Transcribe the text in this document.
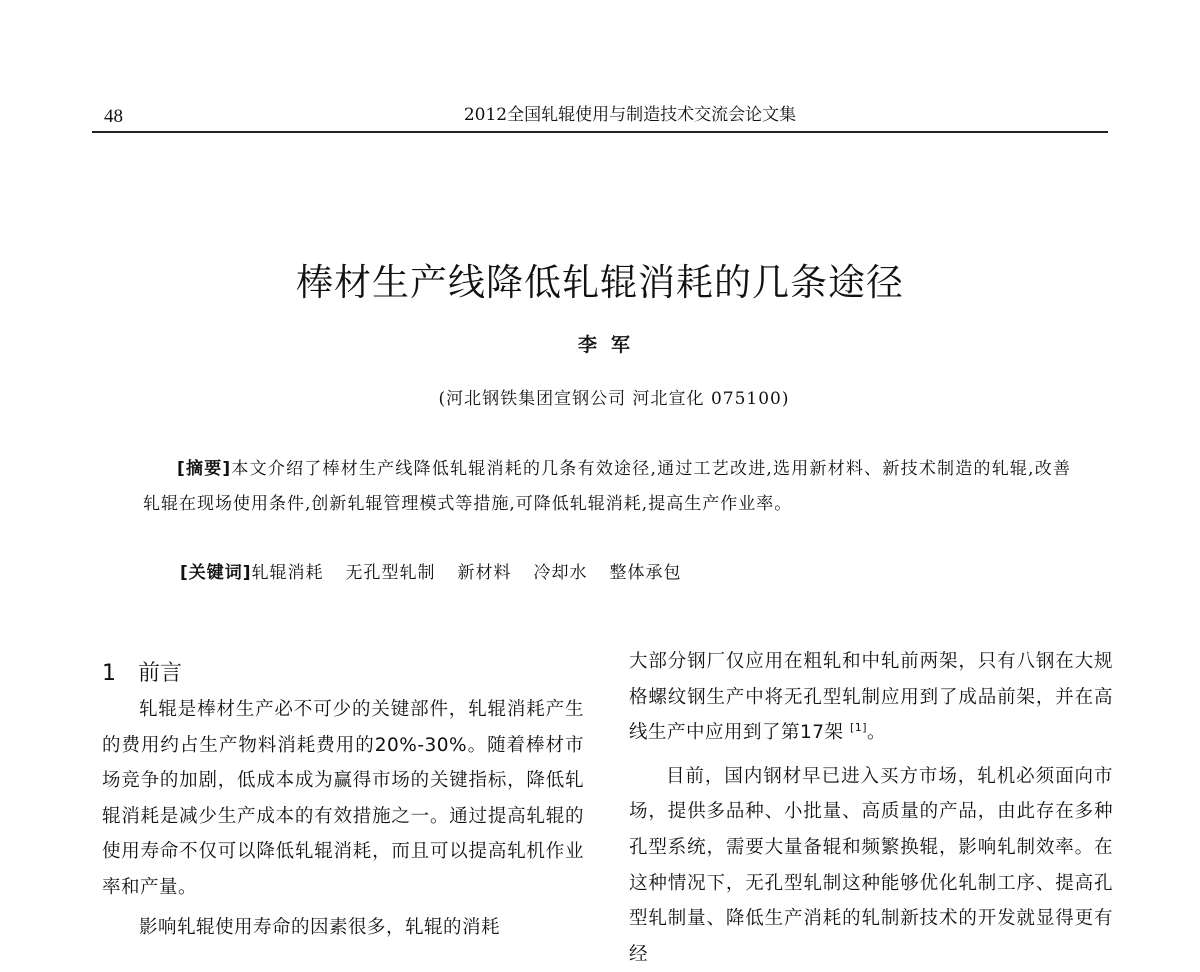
48	2012全国轧辊使用与制造技术交流会论文集
棒材生产线降低轧辊消耗的几条途径
李军
(河北钢铁集团宣钢公司 河北宣化 075100)
[摘要]本文介绍了棒材生产线降低轧辊消耗的几条有效途径,通过工艺改进,选用新材料、新技术制造的轧辊,改善轧辊在现场使用条件,创新轧辊管理模式等措施,可降低轧辊消耗,提高生产作业率。
[关键词]轧辊消耗 无孔型轧制 新材料 冷却水 整体承包
1 前言

轧辊是棒材生产必不可少的关键部件，轧辊消耗产生的费用约占生产物料消耗费用的20%-30%。随着棒材市场竞争的加剧，低成本成为赢得市场的关键指标，降低轧辊消耗是减少生产成本的有效措施之一。通过提高轧辊的使用寿命不仅可以降低轧辊消耗，而且可以提高轧机作业率和产量。

影响轧辊使用寿命的因素很多，轧辊的消耗

大部分钢厂仅应用在粗轧和中轧前两架，只有八钢在大规格螺纹钢生产中将无孔型轧制应用到了成品前架，并在高线生产中应用到了第17架 [1]。

目前，国内钢材早已进入买方市场，轧机必须面向市场，提供多品种、小批量、高质量的产品，由此存在多种孔型系统，需要大量备辊和频繁换辊，影响轧制效率。在这种情况下，无孔型轧制这种能够优化轧制工序、提高孔型轧制量、降低生产消耗的轧制新技术的开发就显得更有经
